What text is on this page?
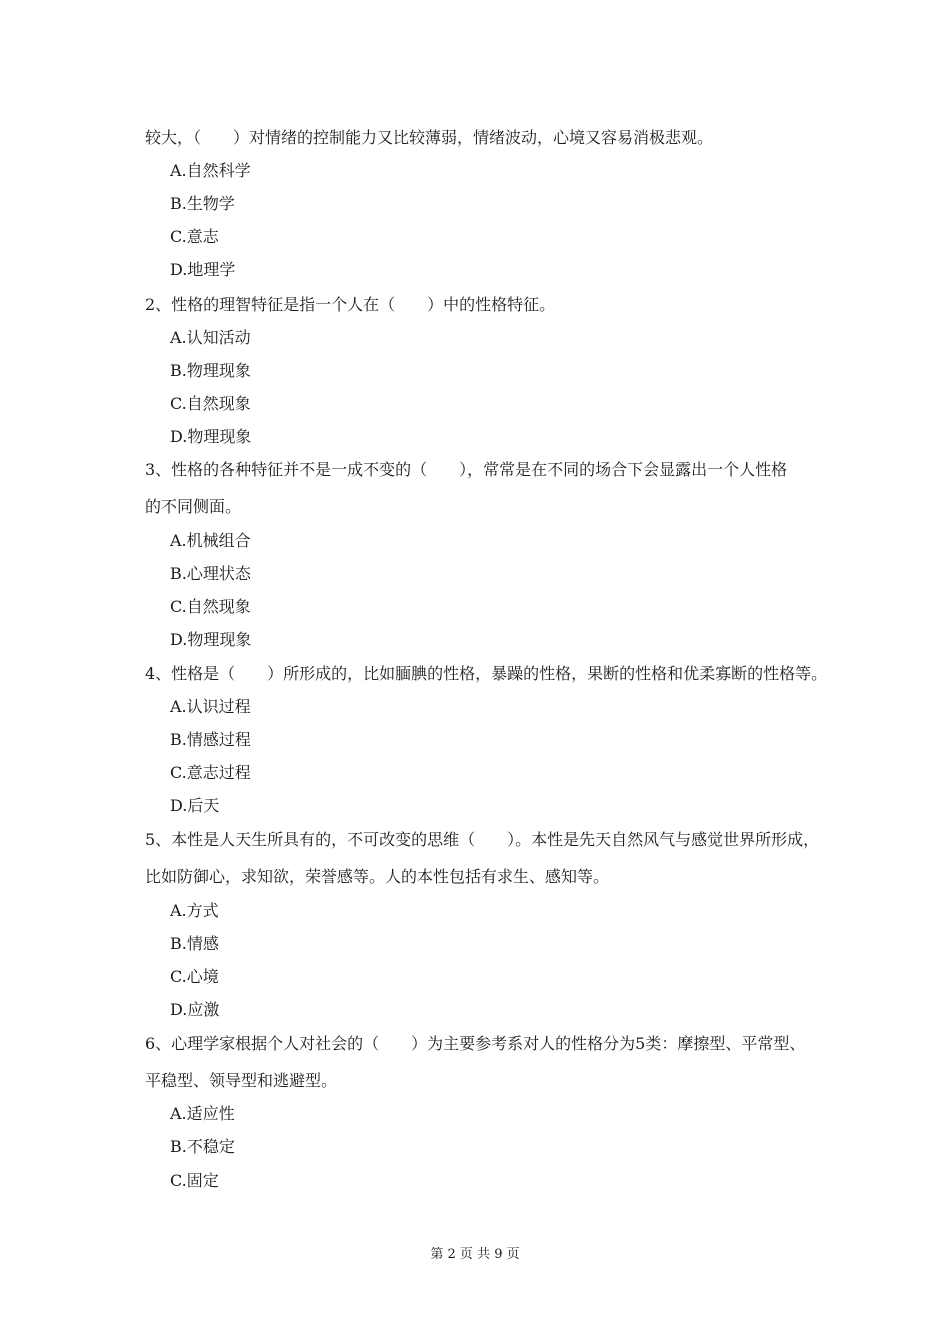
较大，（　　）对情绪的控制能力又比较薄弱，情绪波动，心境又容易消极悲观。
A.自然科学
B.生物学
C.意志
D.地理学
2、性格的理智特征是指一个人在（　　）中的性格特征。
A.认知活动
B.物理现象
C.自然现象
D.物理现象
3、性格的各种特征并不是一成不变的（　　），常常是在不同的场合下会显露出一个人性格
的不同侧面。
A.机械组合
B.心理状态
C.自然现象
D.物理现象
4、性格是（　　）所形成的，比如腼腆的性格，暴躁的性格，果断的性格和优柔寡断的性格等。
A.认识过程
B.情感过程
C.意志过程
D.后天
5、本性是人天生所具有的，不可改变的思维（　　）。本性是先天自然风气与感觉世界所形成，
比如防御心，求知欲，荣誉感等。人的本性包括有求生、感知等。
A.方式
B.情感
C.心境
D.应激
6、心理学家根据个人对社会的（　　）为主要参考系对人的性格分为5类：摩擦型、平常型、
平稳型、领导型和逃避型。
A.适应性
B.不稳定
C.固定
第 2 页 共 9 页
